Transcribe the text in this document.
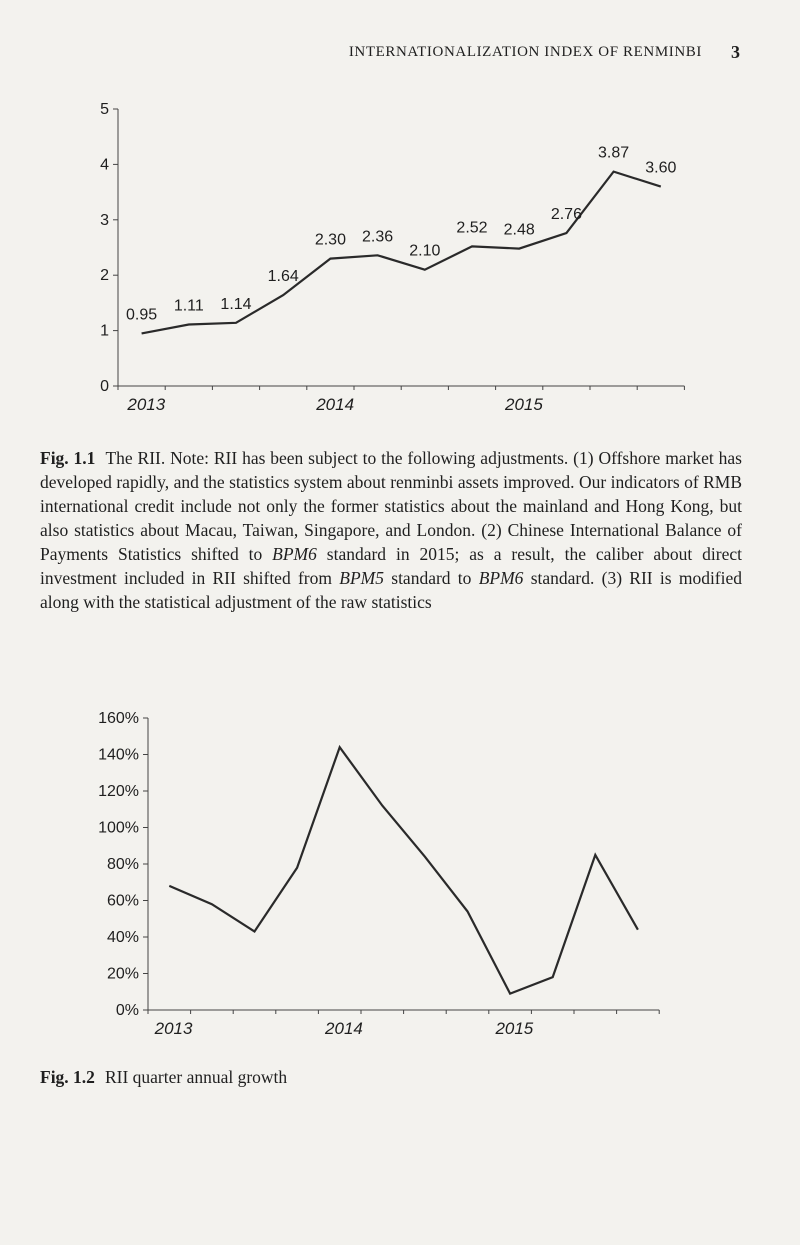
INTERNATIONALIZATION INDEX OF RENMINBI 3
0
1
2
3
4
5
2013	2014	2015
0.95
1.11 1.14
1.64
2.30 2.36
2.10
2.52 2.48
2.76
3.87
3.60
Fig. 1.1 The RII. Note: RII has been subject to the following adjustments. (1) Offshore market has developed rapidly, and the statistics system about renminbi assets improved. Our indicators of RMB international credit include not only the former statistics about the mainland and Hong Kong, but also statistics about Macau, Taiwan, Singapore, and London. (2) Chinese International Balance of Payments Statistics shifted to BPM6 standard in 2015; as a result, the caliber about direct investment included in RII shifted from BPM5 standard to BPM6 standard. (3) RII is modified along with the statistical adjustment of the raw statistics
0%
20%
40%
60%
80%
100%
120%
140%
160%
2013	2014	2015
Fig. 1.2 RII quarter annual growth
